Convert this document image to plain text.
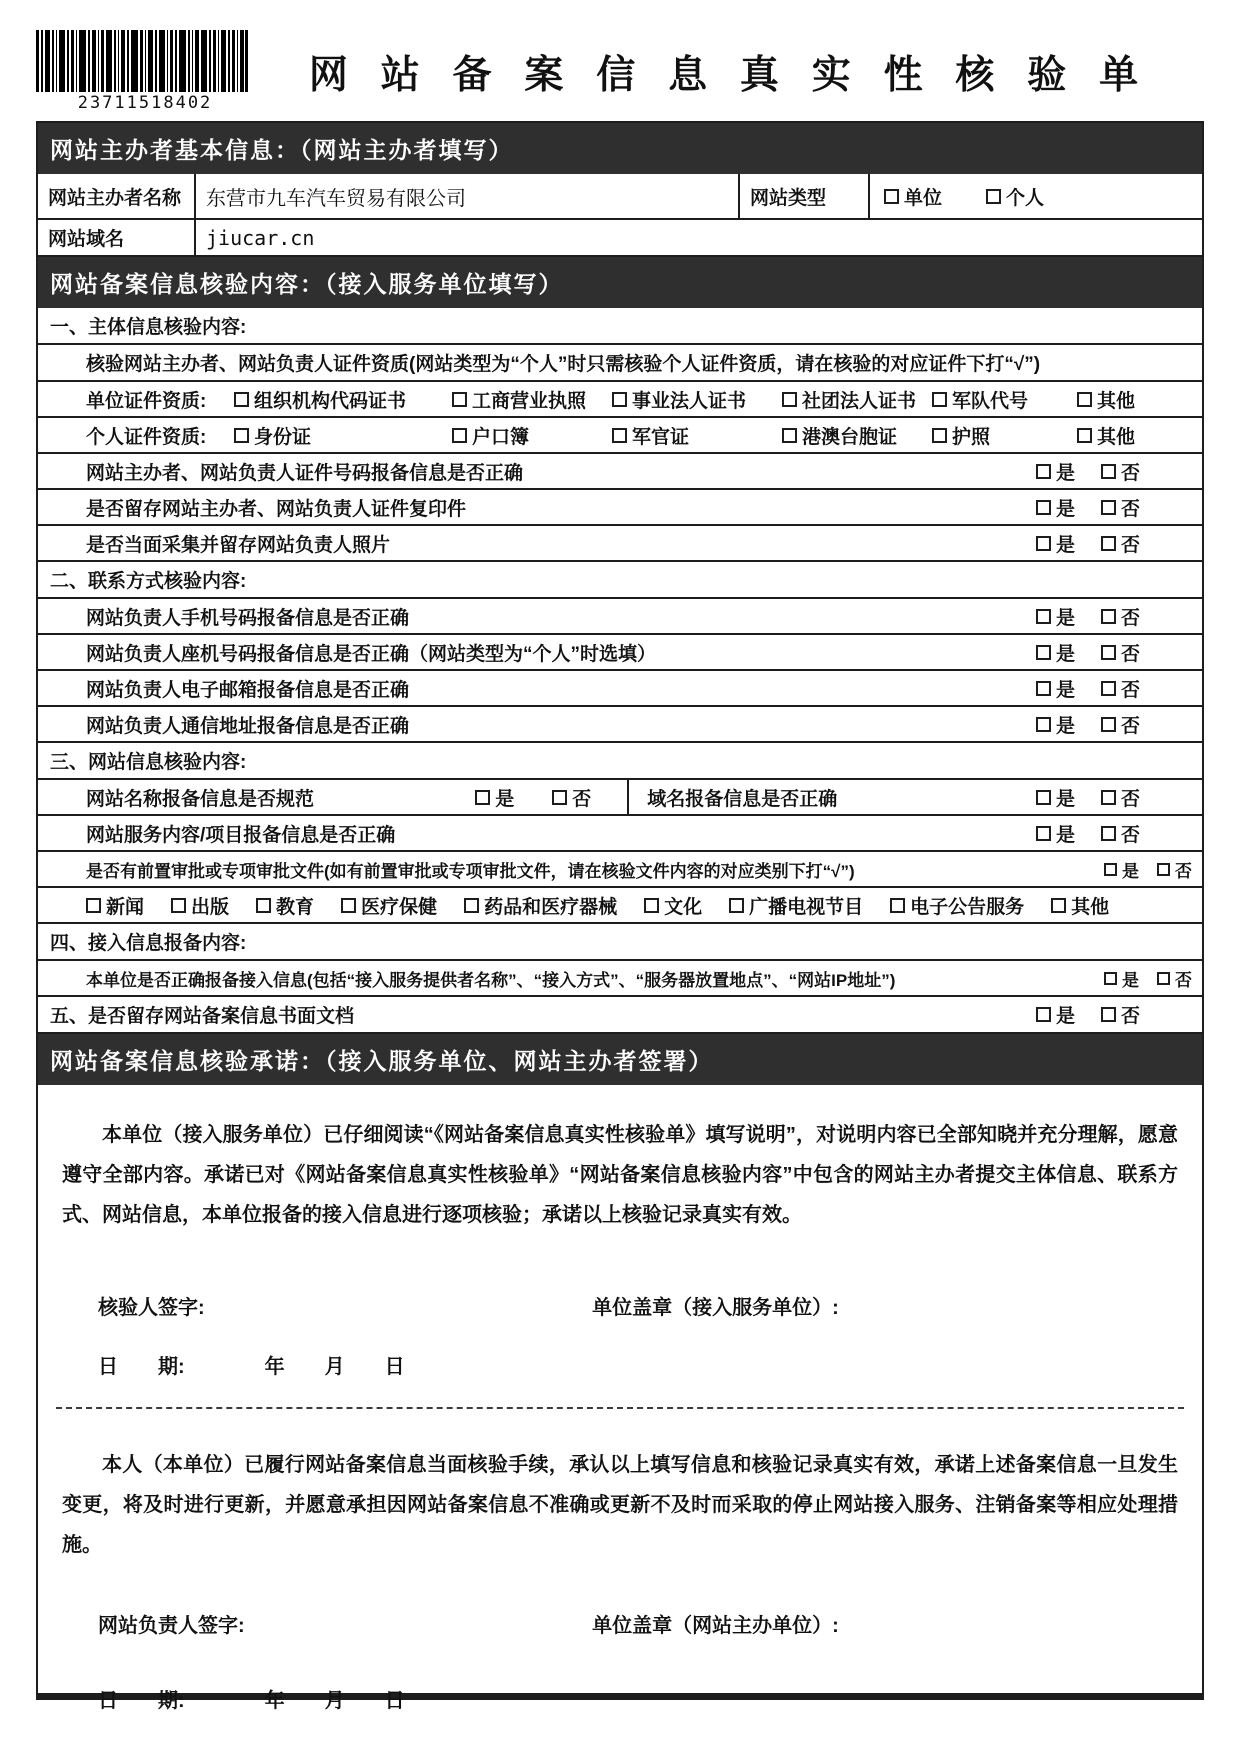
23711518402
网 站 备 案 信 息 真 实 性 核 验 单
网站主办者基本信息：（网站主办者填写）
网站主办者名称	东营市九车汽车贸易有限公司	网站类型	单位	个人
网站域名	jiucar.cn
网站备案信息核验内容：（接入服务单位填写）
一、主体信息核验内容:
核验网站主办者、网站负责人证件资质(网站类型为“个人”时只需核验个人证件资质，请在核验的对应证件下打“√”)
单位证件资质:	组织机构代码证书	工商营业执照 事业法人证书	社团法人证书 军队代号	其他
个人证件资质:	身份证	户口簿	军官证	港澳台胞证	护照	其他
网站主办者、网站负责人证件号码报备信息是否正确	是 否
是否留存网站主办者、网站负责人证件复印件	是 否
是否当面采集并留存网站负责人照片	是 否
二、联系方式核验内容:
网站负责人手机号码报备信息是否正确	是 否
网站负责人座机号码报备信息是否正确（网站类型为“个人”时选填）	是 否
网站负责人电子邮箱报备信息是否正确	是 否
网站负责人通信地址报备信息是否正确	是 否
三、网站信息核验内容:
网站名称报备信息是否规范	是	否	域名报备信息是否正确	是 否
网站服务内容/项目报备信息是否正确	是 否
是否有前置审批或专项审批文件(如有前置审批或专项审批文件，请在核验文件内容的对应类别下打“√”)	是 否
新闻 出版 教育 医疗保健 药品和医疗器械 文化 广播电视节目 电子公告服务 其他
四、接入信息报备内容:
本单位是否正确报备接入信息(包括“接入服务提供者名称”、“接入方式”、“服务器放置地点”、“网站IP地址”)	是 否
五、是否留存网站备案信息书面文档	是 否
网站备案信息核验承诺：（接入服务单位、网站主办者签署）

本单位（接入服务单位）已仔细阅读“《网站备案信息真实性核验单》填写说明”，对说明内容已全部知晓并充分理解，愿意遵守全部内容。承诺已对《网站备案信息真实性核验单》“网站备案信息核验内容”中包含的网站主办者提交主体信息、联系方式、网站信息，本单位报备的接入信息进行逐项核验；承诺以上核验记录真实有效。

核验人签字:	单位盖章（接入服务单位）:
日　　期:　　　　年　　月　　日

本人（本单位）已履行网站备案信息当面核验手续，承认以上填写信息和核验记录真实有效，承诺上述备案信息一旦发生变更，将及时进行更新，并愿意承担因网站备案信息不准确或更新不及时而采取的停止网站接入服务、注销备案等相应处理措施。

网站负责人签字:	单位盖章（网站主办单位）:
日　　期:　　　　年　　月　　日
